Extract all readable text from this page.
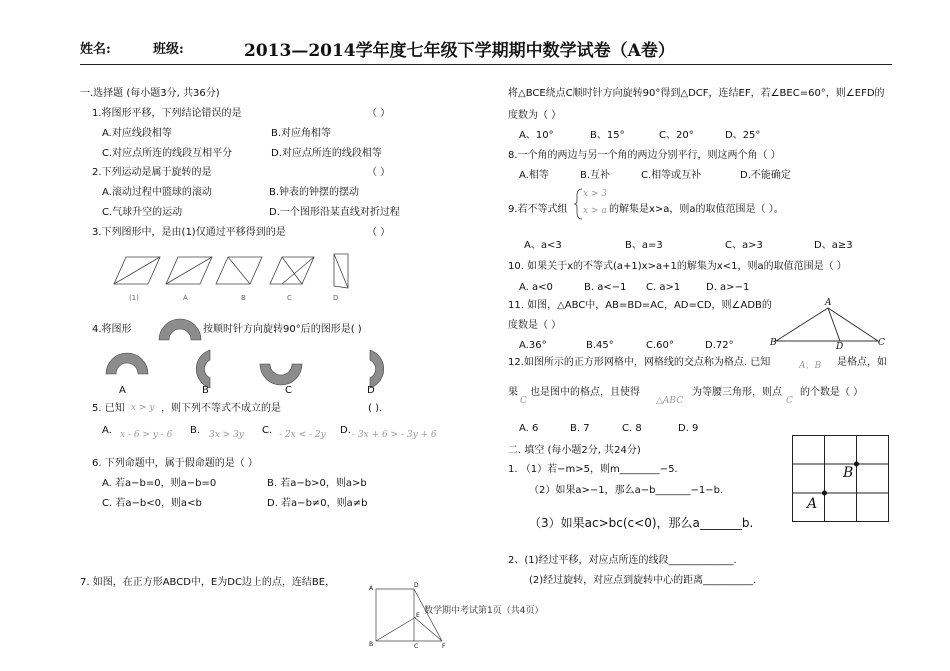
姓名:	班级:	2013—2014学年度七年级下学期期中数学试卷（A卷）
一.选择题 (每小题3分, 共36分)
1.将图形平移，下列结论错误的是	（ ）
A.对应线段相等	B.对应角相等
C.对应点所连的线段互相平分	D.对应点所连的线段相等
2.下列运动是属于旋转的是	（ ）
A.滚动过程中篮球的滚动	B.钟表的钟摆的摆动
C.气球升空的运动	D.一个图形沿某直线对折过程
3.下列图形中，是由(1)仅通过平移得到的是	（ ）
(1)	A	B	C	D
4.将图形	按顺时针方向旋转90°后的图形是( )
A	B	C	D
5. 已知 x > y ，则下列不等式不成立的是	( ).
A. x - 6 > y - 6 B. 3x > 3y C. - 2x < - 2y D. - 3x + 6 > - 3y + 6
6. 下列命题中，属于假命题的是（ ）
A. 若a−b=0，则a−b=0	B. 若a−b>0，则a>b
C. 若a−b<0，则a<b	D. 若a−b≠0，则a≠b
7. 如图，在正方形ABCD中，E为DC边上的点，连结BE，
A	D
E
B	C	F
将△BCE绕点C顺时针方向旋转90°得到△DCF，连结EF，若∠BEC=60°，则∠EFD的
度数为（ ）
A、10°	B、15°	C、20°	D、25°
8.一个角的两边与另一个角的两边分别平行，则这两个角（ ）
A.相等	B.互补	C.相等或互补	D.不能确定
9.若不等式组
x > 3
x > a 的解集是x>a，则a的取值范围是（ ）。
A、a<3	B、a=3	C、a>3	D、a≥3
10. 如果关于x的不等式(a+1)x>a+1的解集为x<1，则a的取值范围是（ ）
A. a<0	B. a<−1 C. a>1	D. a>−1
11. 如图，△ABC中，AB=BD=AC，AD=CD，则∠ADB的
度数是（ ）
A.36°	B.45°	C.60°	D.72°
A
B	D	C
12.如图所示的正方形网格中，网格线的交点称为格点. 已知	A、B 是格点，如
果
C
也是图中的格点，且使得
△ABC
为等腰三角形，则点
C
的个数是（ ）
A. 6	B. 7	C. 8	D. 9
A
B
二. 填空 (每小题2分, 共24分)
1. （1）若−m>5，则m________−5.
（2）如果a>−1，那么a−b_______−1−b.
（3）如果ac>bc(c<0)，那么a_______b.
2、(1)经过平移，对应点所连的线段_____________.
(2)经过旋转，对应点到旋转中心的距离__________.
数学期中考试第1页（共4页）
